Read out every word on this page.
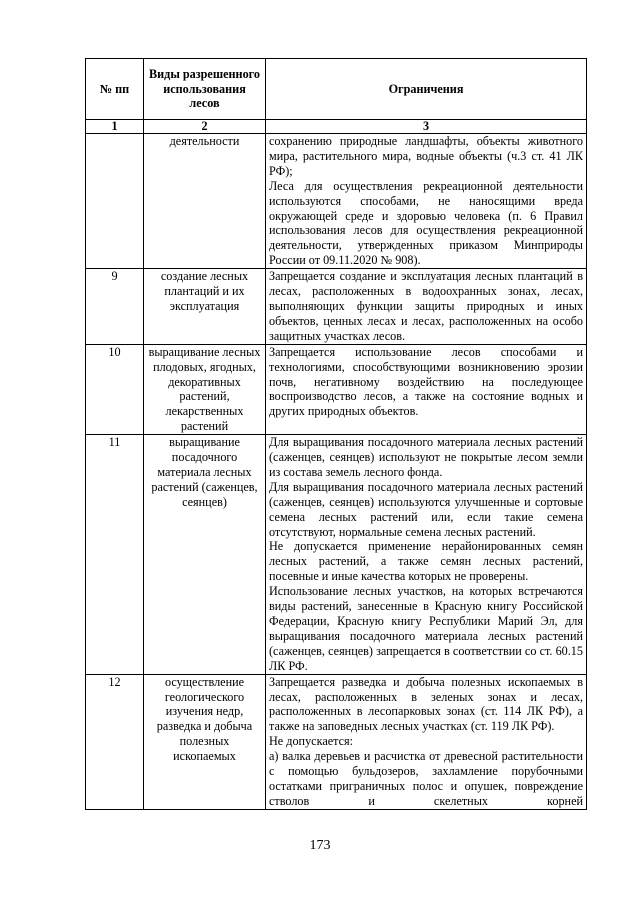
№ пп	Виды разрешенного использования лесов	Ограничения
1	2	3
	деятельности	сохранению природные ландшафты, объекты животного мира, растительного мира, водные объекты (ч.3 ст. 41 ЛК РФ);

Леса для осуществления рекреационной деятельности используются способами, не наносящими вреда окружающей среде и здоровью человека (п. 6 Правил использования лесов для осуществления рекреационной деятельности, утвержденных приказом Минприроды России от 09.11.2020 № 908).

9	создание лесных плантаций и их эксплуатация	Запрещается создание и эксплуатация лесных плантаций в лесах, расположенных в водоохранных зонах, лесах, выполняющих функции защиты природных и иных объектов, ценных лесах и лесах, расположенных на особо защитных участках лесов.

10	выращивание лесных плодовых, ягодных, декоративных растений, лекарственных растений	Запрещается использование лесов способами и технологиями, способствующими возникновению эрозии почв, негативному воздействию на последующее воспроизводство лесов, а также на состояние водных и других природных объектов.

11	выращивание посадочного материала лесных растений (саженцев, сеянцев)	Для выращивания посадочного материала лесных растений (саженцев, сеянцев) используют не покрытые лесом земли из состава земель лесного фонда.

Для выращивания посадочного материала лесных растений (саженцев, сеянцев) используются улучшенные и сортовые семена лесных растений или, если такие семена отсутствуют, нормальные семена лесных растений.

Не допускается применение нерайонированных семян лесных растений, а также семян лесных растений, посевные и иные качества которых не проверены.

Использование лесных участков, на которых встречаются виды растений, занесенные в Красную книгу Российской Федерации, Красную книгу Республики Марий Эл, для выращивания посадочного материала лесных растений (саженцев, сеянцев) запрещается в соответствии со ст. 60.15 ЛК РФ.

12	осуществление геологического изучения недр, разведка и добыча полезных ископаемых	Запрещается разведка и добыча полезных ископаемых в лесах, расположенных в зеленых зонах и лесах, расположенных в лесопарковых зонах (ст. 114 ЛК РФ), а также на заповедных лесных участках (ст. 119 ЛК РФ).

Не допускается:

а) валка деревьев и расчистка от древесной растительности с помощью бульдозеров, захламление порубочными остатками приграничных полос и опушек, повреждение стволов и скелетных корней

173
